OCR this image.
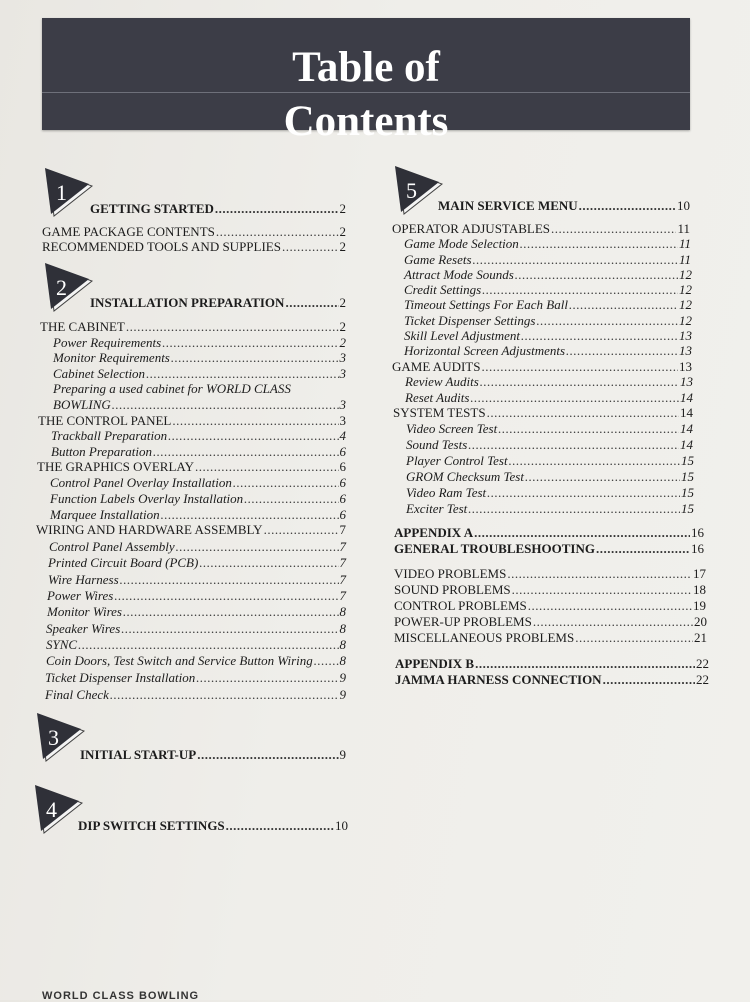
Table of
Contents
1
2
3
4
5
GETTING STARTED .....	2
GAME PACKAGE CONTENTS .....	2
RECOMMENDED TOOLS AND SUPPLIES .....	2
INSTALLATION PREPARATION .....	2
THE CABINET .....	2
Power Requirements .....	2
Monitor Requirements .....	3
Cabinet Selection .....	3
Preparing a used cabinet for WORLD CLASS
BOWLING .....	3
THE CONTROL PANEL .....	3
Trackball Preparation .....	4
Button Preparation .....	6
THE GRAPHICS OVERLAY .....	6
Control Panel Overlay Installation .....	6
Function Labels Overlay Installation .....	6
Marquee Installation .....	6
WIRING AND HARDWARE ASSEMBLY .....	7
Control Panel Assembly .....	7
Printed Circuit Board (PCB) .....	7
Wire Harness .....	7
Power Wires .....	7
Monitor Wires .....	8
Speaker Wires .....	8
SYNC .....	8
Coin Doors, Test Switch and Service Button Wiring ..... 8
Ticket Dispenser Installation .....	9
Final Check .....	9
INITIAL START-UP .....	9
DIP SWITCH SETTINGS .....	10
MAIN SERVICE MENU .....	10
OPERATOR ADJUSTABLES .....	11
Game Mode Selection .....	11
Game Resets .....	11
Attract Mode Sounds .....	12
Credit Settings .....	12
Timeout Settings For Each Ball .....	12
Ticket Dispenser Settings .....	12
Skill Level Adjustment .....	13
Horizontal Screen Adjustments .....	13
GAME AUDITS .....	13
Review Audits .....	13
Reset Audits .....	14
SYSTEM TESTS .....	14
Video Screen Test .....	14
Sound Tests .....	14
Player Control Test .....	15
GROM Checksum Test .....	15
Video Ram Test .....	15
Exciter Test .....	15
APPENDIX A .....	16
GENERAL TROUBLESHOOTING .....	16
VIDEO PROBLEMS .....	17
SOUND PROBLEMS .....	18
CONTROL PROBLEMS .....	19
POWER-UP PROBLEMS .....	20
MISCELLANEOUS PROBLEMS .....	21
APPENDIX B .....	22
JAMMA HARNESS CONNECTION .....	22
WORLD CLASS BOWLING
